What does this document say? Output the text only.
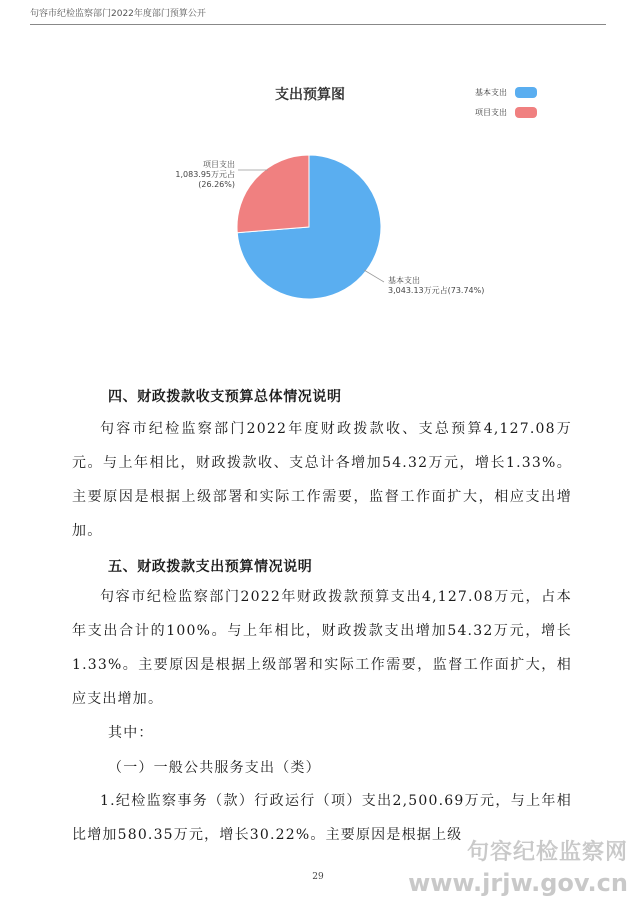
句容市纪检监察部门2022年度部门预算公开
支出预算图	基本支出
项目支出
基本支出
3,043.13万元占(73.74%)
项目支出
1,083.95万元占(26.26%)
四、财政拨款收支预算总体情况说明
句容市纪检监察部门2022年度财政拨款收、支总预算4,127.08万元。与上年相比，财政拨款收、支总计各增加54.32万元，增长1.33%。主要原因是根据上级部署和实际工作需要，监督工作面扩大，相应支出增加。
五、财政拨款支出预算情况说明
句容市纪检监察部门2022年财政拨款预算支出4,127.08万元，占本年支出合计的100%。与上年相比，财政拨款支出增加54.32万元，增长1.33%。主要原因是根据上级部署和实际工作需要，监督工作面扩大，相应支出增加。
其中：
（一）一般公共服务支出（类）
1.纪检监察事务（款）行政运行（项）支出2,500.69万元，与上年相比增加580.35万元，增长30.22%。主要原因是根据上级
29
句容纪检监察网
www.jrjw.gov.cn
